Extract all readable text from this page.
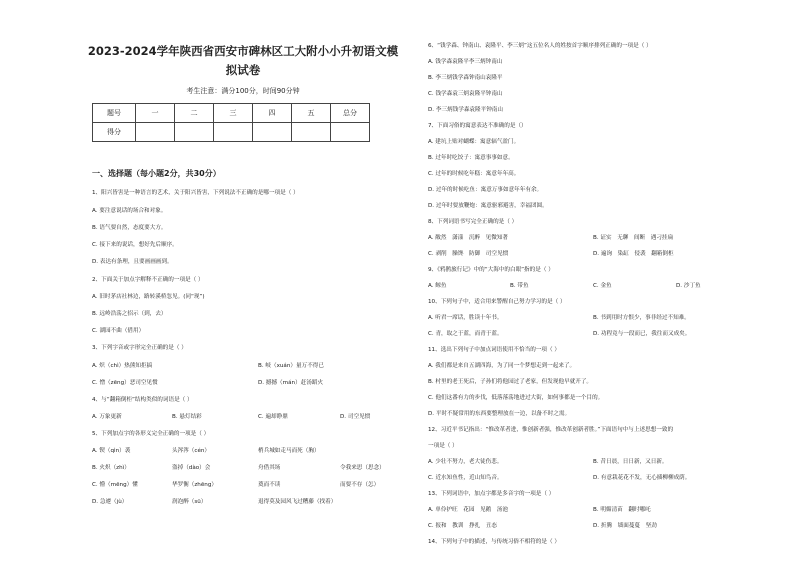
2023-2024学年陕西省西安市碑林区工大附小小升初语文模
拟试卷
考生注意：满分100分，时间90分钟
题号	一	二	三	四	五	总分
得分						
一、选择题（每小题2分，共30分）
1、阳兴皆害是一种语言的艺术，关于阳兴皆害，下列说法不正确的是哪一项是（ ）
A. 要注意说话的场合和对象。
B. 语气要自然，态度要大方。
C. 接下来的说话，想好先后顺序。
D. 表达有条理，且要画画画到。
2、下面关于加点字解释不正确的一项是（ ）
A. 旧时茅店社林边，路转溪桥忽见。(同“现”)
B. 远岭浩荡之招示（到，去）
C. 湖园不曲（借用）
3、下列字音或字形完全正确的是（ ）
A. 炽（chì）热熊知拒搞	B. 岐（xuán）量万不得已
C. 憎（zēng）恶司空见惯	D. 撼撼（mán）赶汤蹈火
4、与“翻箱倒柜”结构类似的词语是（ ）
A. 万象更新	B. 悬灯结彩	C. 遍却睁鼎	D. 司空见惯
5、下列加点字的各形义完全正确的一项是（ ）
A. 锲（qìn）袭	头涔涔（cén）	梢兵城如走马而死（胸）
B. 火炽（zhì）	盗掉（dào）会	舟借其场	令我来思（思念）
C. 懵（mēng）懂	华罗衡（zhēng）	奠而不读	而要不存（怎）
D. 急遽（jù）	润泡醉（sū）	退得莫及园风飞过糟藤（找着）
6、“钱学森、钟南山、袁隆平、李三炳”这五位名人的姓按首字顺序排列正确的一项是（ ）
A. 钱学森袁隆平李三炳钟南山
B. 李三炳钱学森钟南山袁隆平
C. 钱学森袁三炳袁隆平钟南山
D. 李三炳钱学森袁隆平钟南山
7、下面习俗的寓意表达不准确的是（）
A. 建坑上贴对蝴蝶：寓意辐气盈门。
B. 过年时吃饺子：寓意事事如意。
C. 过年的时候吃年糕：寓意年年高。
D. 过年的时候吃鱼：寓意万事如意年年有余。
D. 过年时要放鞭炮：寓意驱邪避害，幸福团圆。
8、下列词语书写完全正确的是（ ）
A. 敞然　潇漾　沉醉　见微知著	B. 证实　无聊　间断　遇刁挂扁
C. 剥削　臊馋　防御　司空见惯	D. 遍询　染缸　侵袭　翻箱倒柜
9、《鸦鹊旅行记》中的“大海中的白眼”指的是（ ）
A. 鲸鱼	B. 带鱼	C. 金鱼	D. 沙丁鱼
10、下列句子中，适合用来警醒自己努力学习的是（ ）
A. 听君一席话，胜读十年书。	B. 书到用时方恨少，事非经过不知难。
C. 青，取之于蓝，而青于蓝。	D. 功程竟与一段而已，我往而又成矣。
11、选出下列句子中加点词语使用不恰当的一项（ ）
A. 我们都是来自五湖四海，为了同一个梦想走到一起来了。
B. 村里的老王死后，子孙们将他园过了老家，但发现他早就开了。
C. 他们这番有力的步伐，低落落荡地进过大街，如何事都是一个目的。
D. 平时不疑常用的东西要整理放在一边，以备不时之需。
12、习近平书记指出：“惟改革者进，惟创新者强，惟改革创新者胜。”下面语句中与上述思想一致的
一项是（ ）
A. 少壮不努力，老大徒伤悲。	B. 昔日晨，日日新，又日新。
C. 近水知鱼性，近山知鸟音。	D. 有意栽花花不发，无心插柳柳成荫。
13、下列词语中，加点字都是多音字的一项是（ ）
A. 单伶护旺　花园　见鹅　汤池	B. 明媚清苗　翻时哪吒
C. 报和　教训　挣扎　丑态	D. 折腾　墙面蔓蔓　坚劲
14、下列句子中的描述，与传统习俗不相符的是（ ）
